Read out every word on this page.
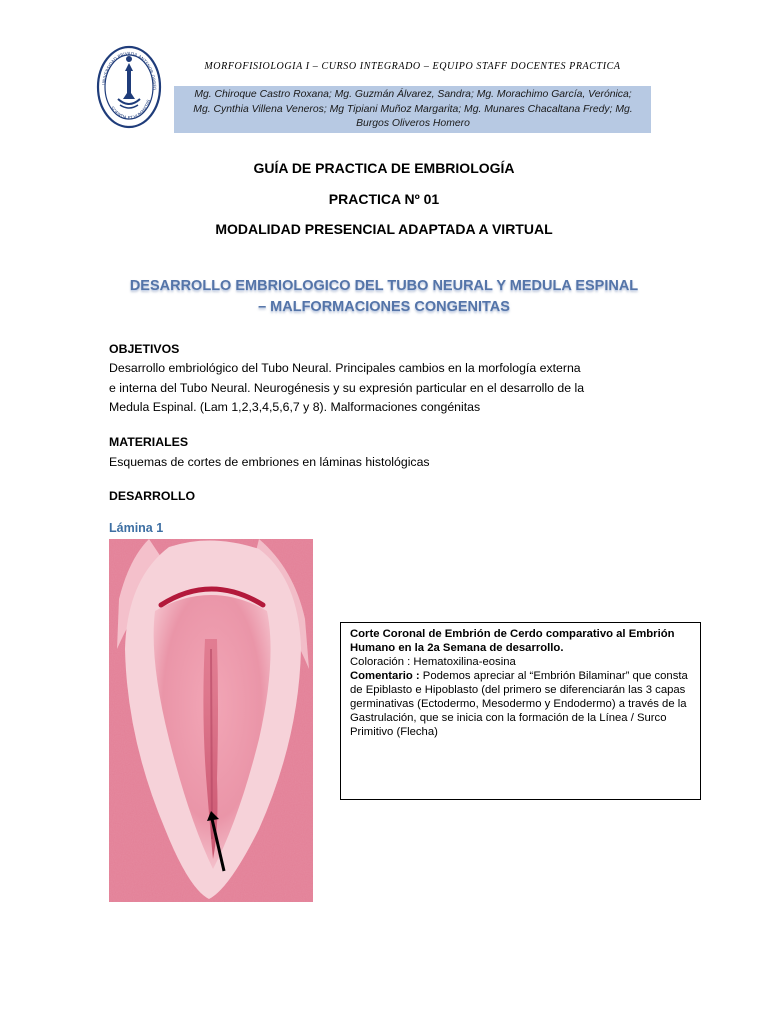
UNIVERSIDAD PRIVADA ANTENOR ORREG
SCIENTIA ET HUMANITAS
MORFOFISIOLOGIA I – CURSO INTEGRADO – EQUIPO STAFF DOCENTES PRACTICA
Mg. Chiroque Castro Roxana; Mg. Guzmán Álvarez, Sandra; Mg. Morachimo García, Verónica;
Mg. Cynthia Villena Veneros; Mg Tipiani Muñoz Margarita; Mg. Munares Chacaltana Fredy; Mg.
Burgos Oliveros Homero
GUÍA DE PRACTICA DE EMBRIOLOGÍA
PRACTICA Nº 01
MODALIDAD PRESENCIAL ADAPTADA A VIRTUAL
DESARROLLO EMBRIOLOGICO DEL TUBO NEURAL Y MEDULA ESPINAL
– MALFORMACIONES CONGENITAS
OBJETIVOS
Desarrollo embriológico del Tubo Neural. Principales cambios en la morfología externa
e interna del Tubo Neural. Neurogénesis y su expresión particular en el desarrollo de la
Medula Espinal. (Lam 1,2,3,4,5,6,7 y 8). Malformaciones congénitas
MATERIALES
Esquemas de cortes de embriones en láminas histológicas
DESARROLLO
Lámina 1
Corte Coronal de Embrión de Cerdo comparativo al Embrión Humano en la 2a Semana de desarrollo.
Coloración : Hematoxilina-eosina
Comentario : Podemos apreciar al “Embrión Bilaminar” que consta de Epiblasto e Hipoblasto (del primero se diferenciarán las 3 capas germinativas (Ectodermo, Mesodermo y Endodermo) a través de la Gastrulación, que se inicia con la formación de la Línea / Surco Primitivo (Flecha)
